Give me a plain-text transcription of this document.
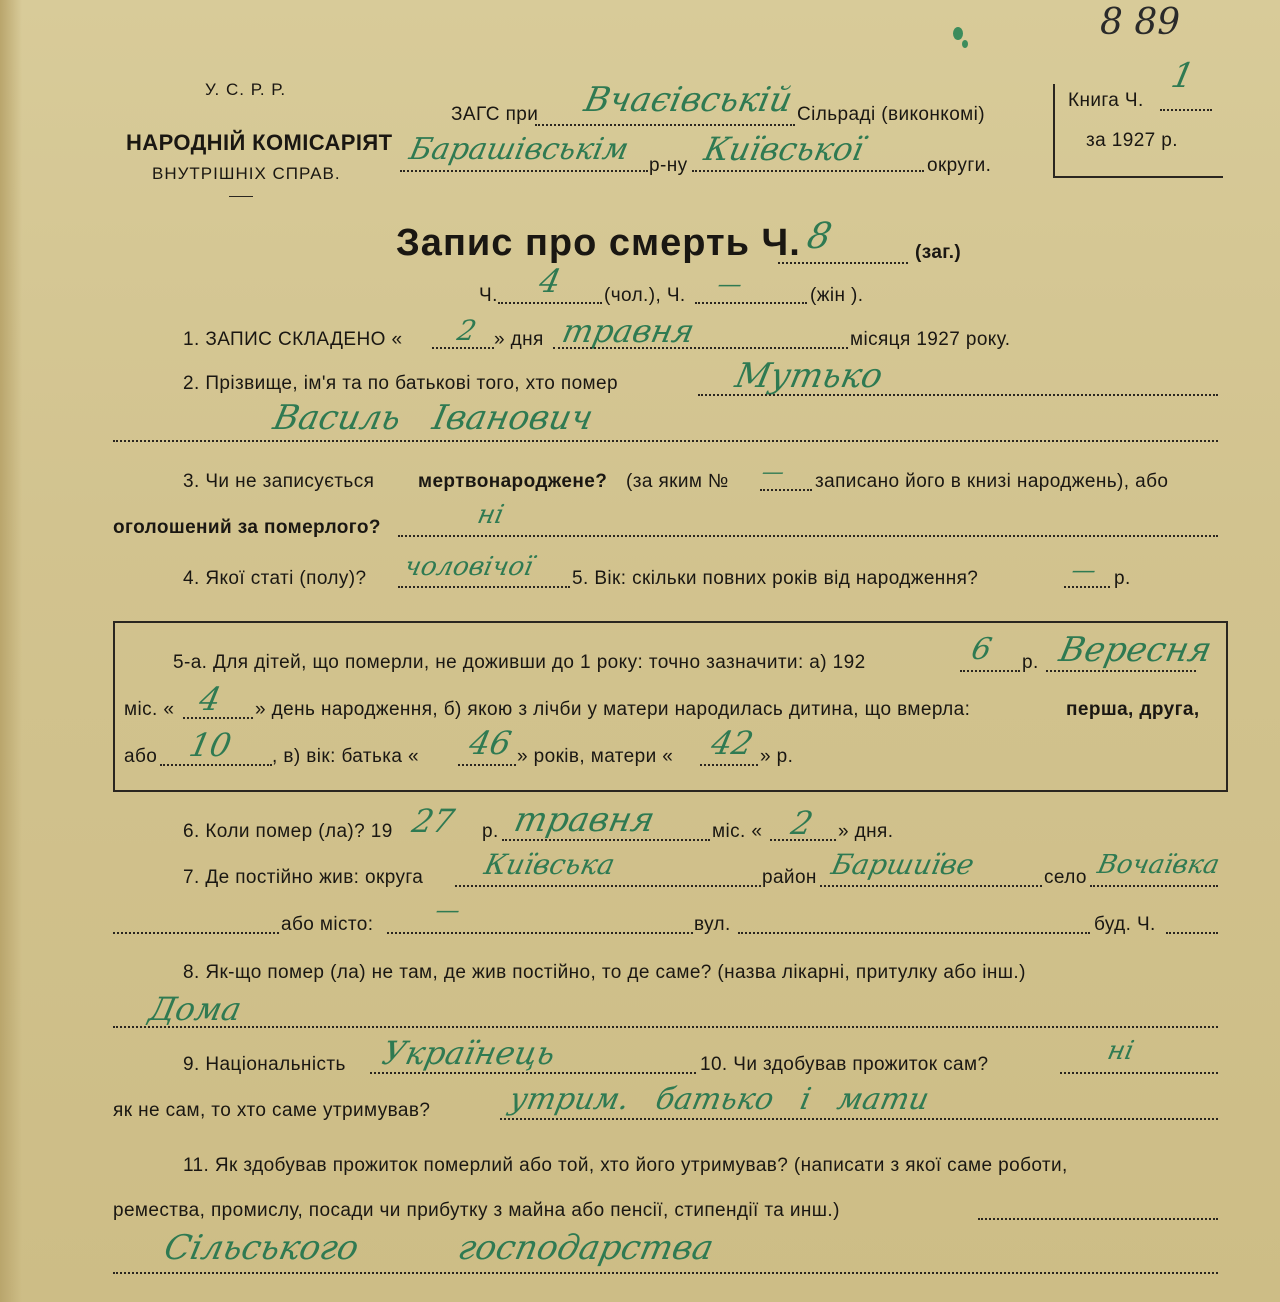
8 89
У. С. Р. Р.
НАРОДНІЙ КОМІСАРІЯТ
ВНУТРІШНІХ СПРАВ.
ЗАГС при Вчаєівській Сільраді (виконкомі)
Барашівськім р-ну Київської	округи.
Книга Ч.
1
за 1927 р.
Запис про смерть Ч. 8	(заг.)
Ч. 4 (чол.), Ч. —	(жін ).
1. ЗАПИС СКЛАДЕНО « 2 » дня травня	місяця 1927 року.
2. Прізвище, ім'я та по батькові того, хто помер	Мутько
Василь Іванович
3. Чи не записується мертвонароджене? (за яким № — записано його в книзі народжень), або
оголошений за померлого?	ні
4. Якої статі (полу)? чоловічої 5. Вік: скільки повних років від народження?	— р.
5-а. Для дітей, що померли, не доживши до 1 року: точно зазначити: а) 192	6 р. Вересня
міс. « 4 » день народження, б) якою з лічби у матери народилась дитина, що вмерла:	перша, друга,
або 10 , в) вік: батька « 46 » років, матери « 42 » р.
6. Коли помер (ла)? 19 27 р. травня	міс. « 2 » дня.
7. Де постійно жив: округа Київська	район Баршиїве	село Вочаївка
або місто:
—
вул.	буд. Ч.
8. Як-що помер (ла) не там, де жив постійно, то де саме? (назва лікарні, притулку або інш.)
Дома
9. Національність Українець	10. Чи здобував прожиток сам?	ні
як не сам, то хто саме утримував?	утрим. батько і мати
11. Як здобував прожиток померлий або той, хто його утримував? (написати з якої саме роботи,
ремества, промислу, посади чи прибутку з майна або пенсії, стипендії та инш.)
Сільського господарства
